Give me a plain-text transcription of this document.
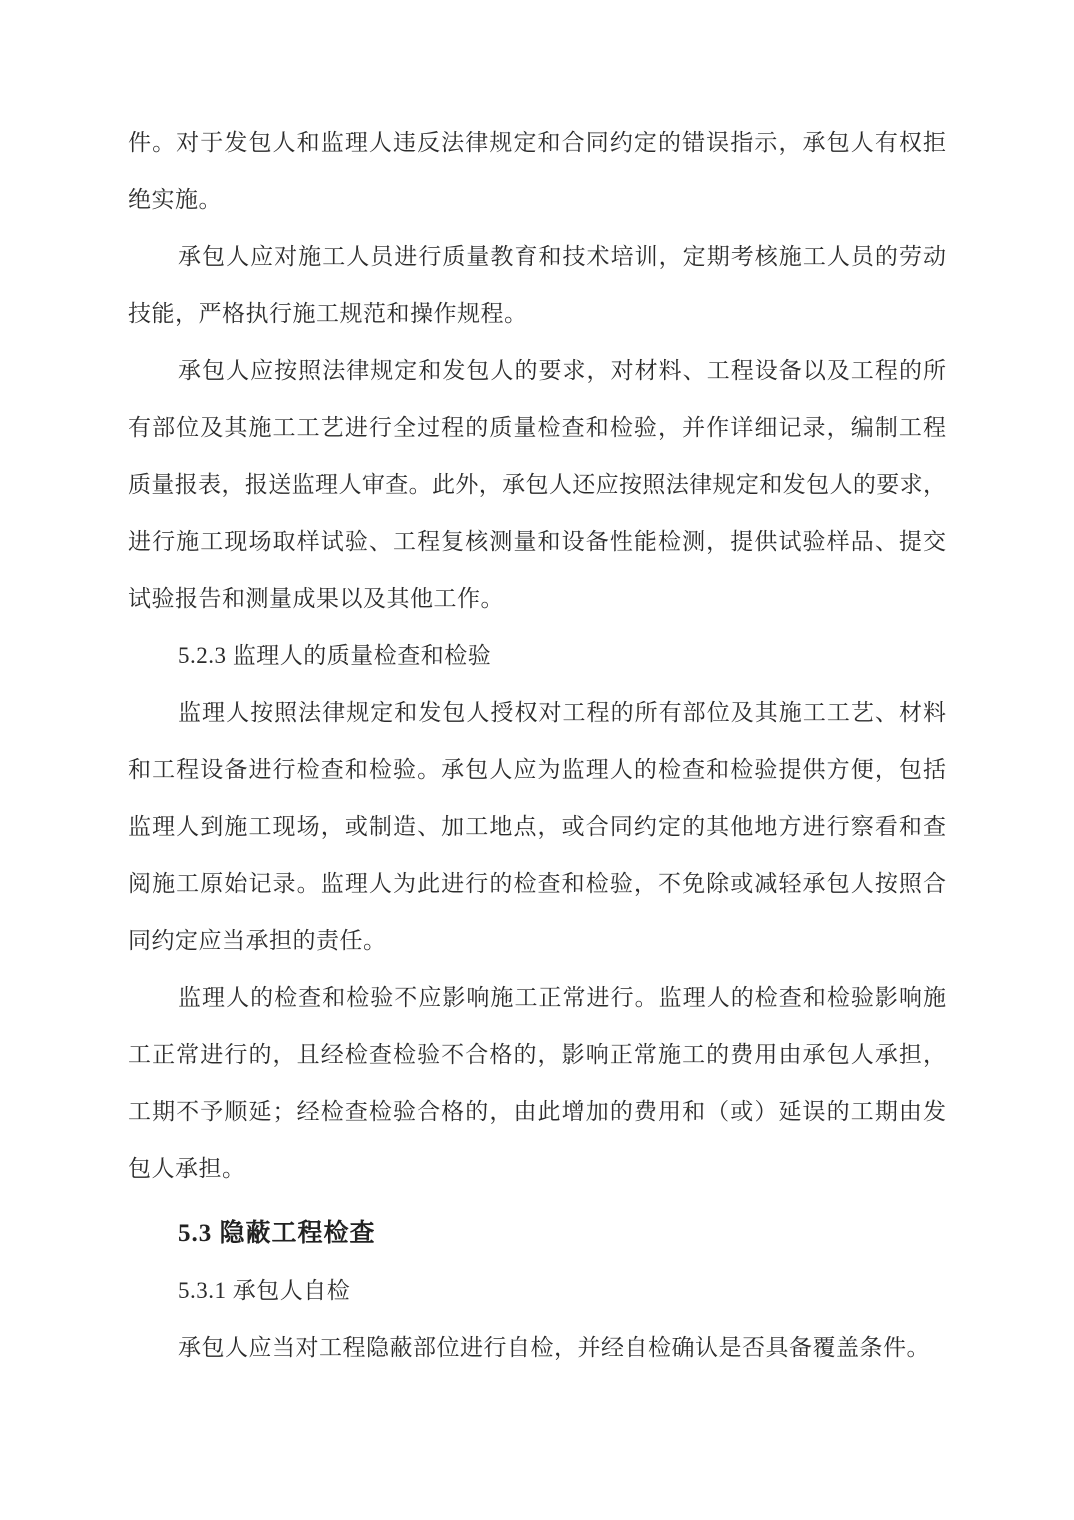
件。对于发包人和监理人违反法律规定和合同约定的错误指示，承包人有权拒
绝实施。
承包人应对施工人员进行质量教育和技术培训，定期考核施工人员的劳动
技能，严格执行施工规范和操作规程。
承包人应按照法律规定和发包人的要求，对材料、工程设备以及工程的所
有部位及其施工工艺进行全过程的质量检查和检验，并作详细记录，编制工程
质量报表，报送监理人审查。此外，承包人还应按照法律规定和发包人的要求，
进行施工现场取样试验、工程复核测量和设备性能检测，提供试验样品、提交
试验报告和测量成果以及其他工作。
5.2.3 监理人的质量检查和检验
监理人按照法律规定和发包人授权对工程的所有部位及其施工工艺、材料
和工程设备进行检查和检验。承包人应为监理人的检查和检验提供方便，包括
监理人到施工现场，或制造、加工地点，或合同约定的其他地方进行察看和查
阅施工原始记录。监理人为此进行的检查和检验，不免除或减轻承包人按照合
同约定应当承担的责任。
监理人的检查和检验不应影响施工正常进行。监理人的检查和检验影响施
工正常进行的，且经检查检验不合格的，影响正常施工的费用由承包人承担，
工期不予顺延；经检查检验合格的，由此增加的费用和（或）延误的工期由发
包人承担。
5.3 隐蔽工程检查
5.3.1 承包人自检
承包人应当对工程隐蔽部位进行自检，并经自检确认是否具备覆盖条件。
